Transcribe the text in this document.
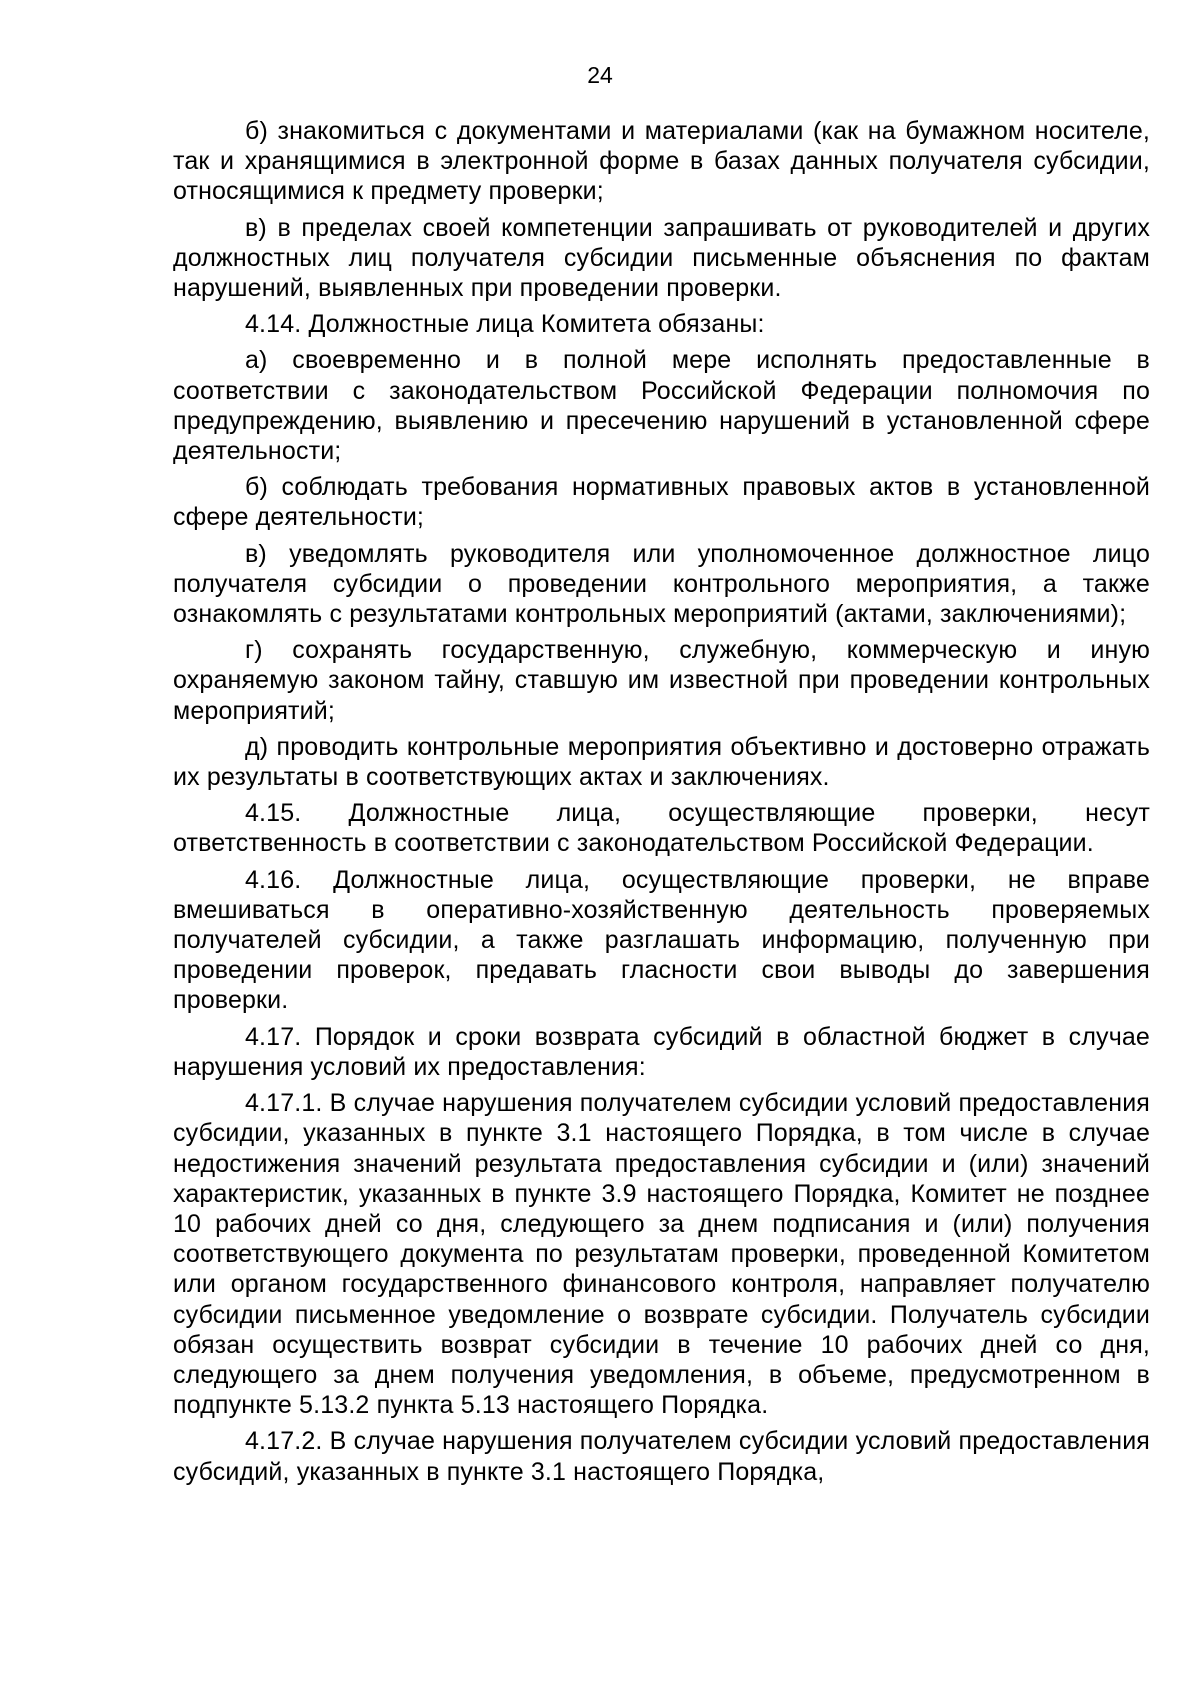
24

б) знакомиться с документами и материалами (как на бумажном носителе, так и хранящимися в электронной форме в базах данных получателя субсидии, относящимися к предмету проверки;

в) в пределах своей компетенции запрашивать от руководителей и других должностных лиц получателя субсидии письменные объяснения по фактам нарушений, выявленных при проведении проверки.

4.14. Должностные лица Комитета обязаны:

а) своевременно и в полной мере исполнять предоставленные в соответствии с законодательством Российской Федерации полномочия по предупреждению, выявлению и пресечению нарушений в установленной сфере деятельности;

б) соблюдать требования нормативных правовых актов в установленной сфере деятельности;

в) уведомлять руководителя или уполномоченное должностное лицо получателя субсидии о проведении контрольного мероприятия, а также ознакомлять с результатами контрольных мероприятий (актами, заключениями);

г) сохранять государственную, служебную, коммерческую и иную охраняемую законом тайну, ставшую им известной при проведении контрольных мероприятий;

д) проводить контрольные мероприятия объективно и достоверно отражать их результаты в соответствующих актах и заключениях.

4.15. Должностные лица, осуществляющие проверки, несут ответственность в соответствии с законодательством Российской Федерации.

4.16. Должностные лица, осуществляющие проверки, не вправе вмешиваться в оперативно-хозяйственную деятельность проверяемых получателей субсидии, а также разглашать информацию, полученную при проведении проверок, предавать гласности свои выводы до завершения проверки.

4.17. Порядок и сроки возврата субсидий в областной бюджет в случае нарушения условий их предоставления:

4.17.1. В случае нарушения получателем субсидии условий предоставления субсидии, указанных в пункте 3.1 настоящего Порядка, в том числе в случае недостижения значений результата предоставления субсидии и (или) значений характеристик, указанных в пункте 3.9 настоящего Порядка, Комитет не позднее 10 рабочих дней со дня, следующего за днем подписания и (или) получения соответствующего документа по результатам проверки, проведенной Комитетом или органом государственного финансового контроля, направляет получателю субсидии письменное уведомление о возврате субсидии. Получатель субсидии обязан осуществить возврат субсидии в течение 10 рабочих дней со дня, следующего за днем получения уведомления, в объеме, предусмотренном в подпункте 5.13.2 пункта 5.13 настоящего Порядка.

4.17.2. В случае нарушения получателем субсидии условий предоставления субсидий, указанных в пункте 3.1 настоящего Порядка,
